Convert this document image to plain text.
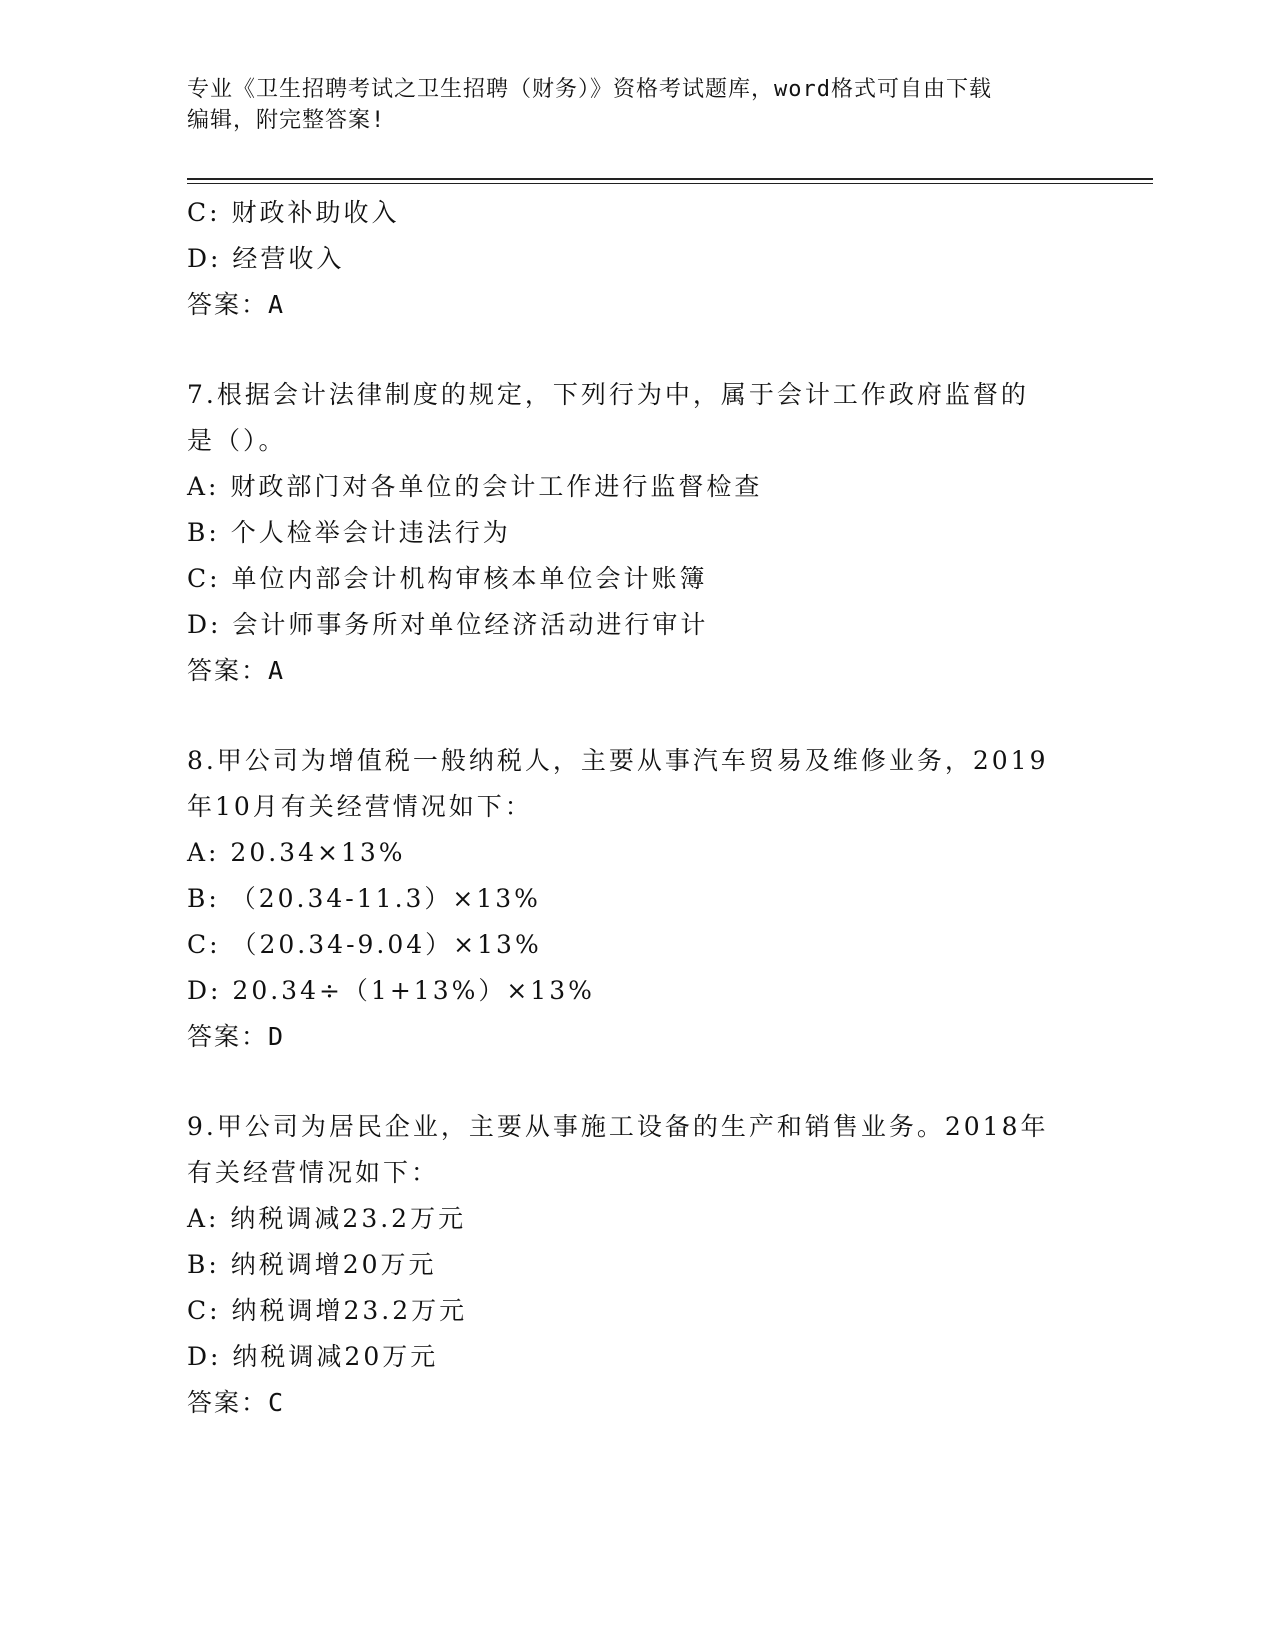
专业《卫生招聘考试之卫生招聘（财务）》资格考试题库，word格式可自由下载
编辑，附完整答案!
C: 财政补助收入
D: 经营收入
答案：A
7.根据会计法律制度的规定，下列行为中，属于会计工作政府监督的
是（）。
A: 财政部门对各单位的会计工作进行监督检查
B: 个人检举会计违法行为
C: 单位内部会计机构审核本单位会计账簿
D: 会计师事务所对单位经济活动进行审计
答案：A
8.甲公司为增值税一般纳税人，主要从事汽车贸易及维修业务，2019
年10月有关经营情况如下：
A: 20.34×13%
B: （20.34-11.3）×13%
C: （20.34-9.04）×13%
D: 20.34÷（1+13%）×13%
答案：D
9.甲公司为居民企业，主要从事施工设备的生产和销售业务。2018年
有关经营情况如下：
A: 纳税调减23.2万元
B: 纳税调增20万元
C: 纳税调增23.2万元
D: 纳税调减20万元
答案：C
